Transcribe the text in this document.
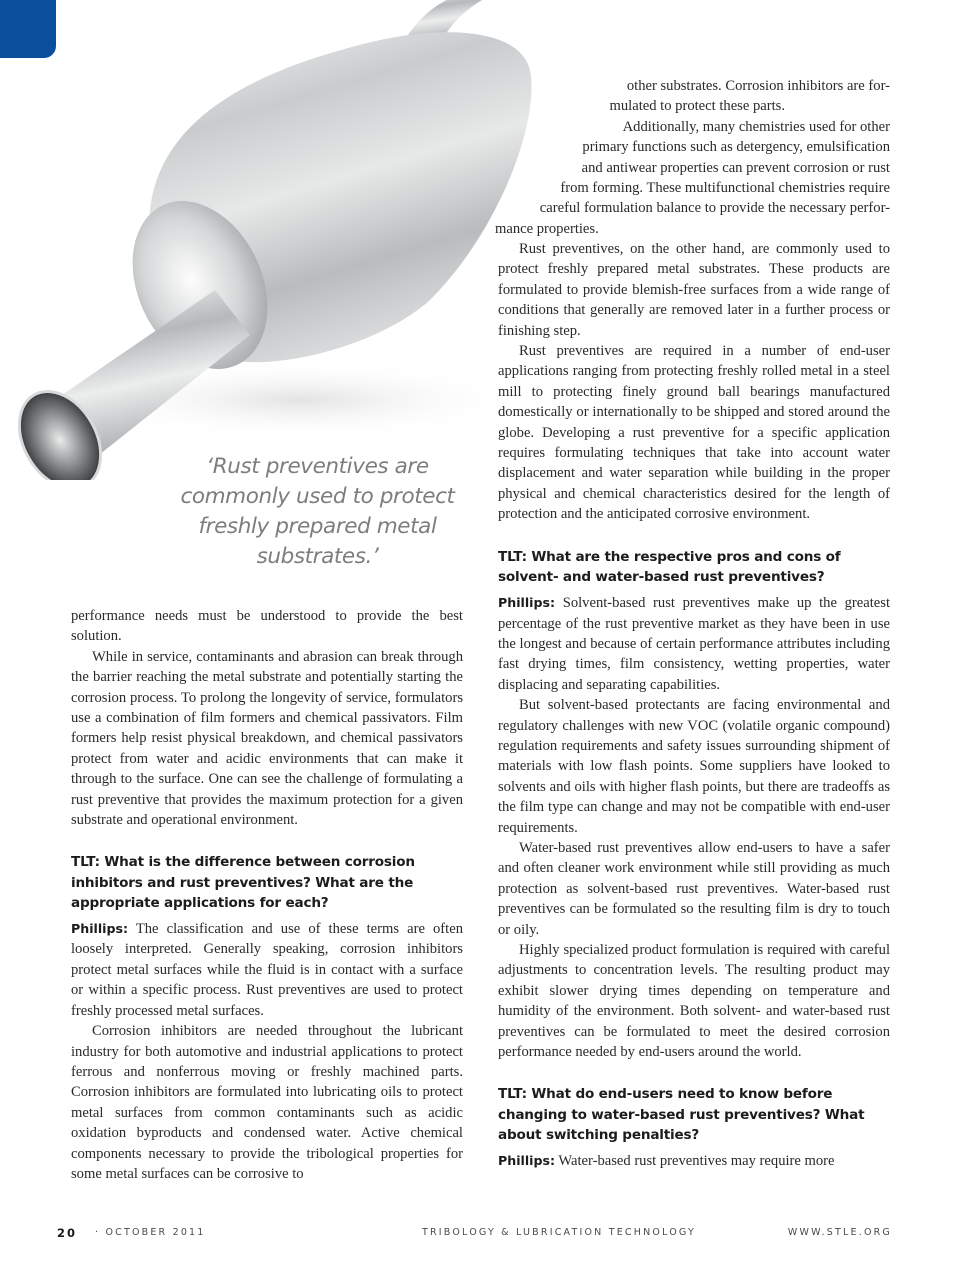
‘Rust preventives are commonly used to protect freshly prepared metal substrates.’
other substrates. Corrosion inhibitors are for-
mulated to protect these parts.
Additionally, many chemistries used for other
primary functions such as detergency, emulsification
and antiwear properties can prevent corrosion or rust
from forming. These multifunctional chemistries require
careful formulation balance to provide the necessary perfor-
mance properties.

Rust preventives, on the other hand, are commonly used to protect freshly prepared metal substrates. These products are formulated to provide blemish-free surfaces from a wide range of conditions that generally are removed later in a further process or finishing step.

Rust preventives are required in a number of end-user applications ranging from protecting freshly rolled metal in a steel mill to protecting finely ground ball bearings manufactured domestically or internationally to be shipped and stored around the globe. Developing a rust preventive for a specific application requires formulating techniques that take into account water displacement and water separation while building in the proper physical and chemical characteristics desired for the length of protection and the anticipated corrosive environment.

TLT: What are the respective pros and cons of solvent- and water-based rust preventives?

Phillips: Solvent-based rust preventives make up the greatest percentage of the rust preventive market as they have been in use the longest and because of certain performance attributes including fast drying times, film consistency, wetting properties, water displacing and separating capabilities.

But solvent-based protectants are facing environmental and regulatory challenges with new VOC (volatile organic compound) regulation requirements and safety issues surrounding shipment of materials with low flash points. Some suppliers have looked to solvents and oils with higher flash points, but there are tradeoffs as the film type can change and may not be compatible with end-user requirements.

Water-based rust preventives allow end-users to have a safer and often cleaner work environment while still providing as much protection as solvent-based rust preventives. Water-based rust preventives can be formulated so the resulting film is dry to touch or oily.

Highly specialized product formulation is required with careful adjustments to concentration levels. The resulting product may exhibit slower drying times depending on temperature and humidity of the environment. Both solvent- and water-based rust preventives can be formulated to meet the desired corrosion performance needed by end-users around the world.

TLT: What do end-users need to know before changing to water-based rust preventives? What about switching penalties?

Phillips: Water-based rust preventives may require more

performance needs must be understood to provide the best solution.

While in service, contaminants and abrasion can break through the barrier reaching the metal substrate and potentially starting the corrosion process. To prolong the longevity of service, formulators use a combination of film formers and chemical passivators. Film formers help resist physical breakdown, and chemical passivators protect from water and acidic environments that can make it through to the surface. One can see the challenge of formulating a rust preventive that provides the maximum protection for a given substrate and operational environment.

TLT: What is the difference between corrosion inhibitors and rust preventives? What are the appropriate applications for each?

Phillips: The classification and use of these terms are often loosely interpreted. Generally speaking, corrosion inhibitors protect metal surfaces while the fluid is in contact with a surface or within a specific process. Rust preventives are used to protect freshly processed metal surfaces.

Corrosion inhibitors are needed throughout the lubricant industry for both automotive and industrial applications to protect ferrous and nonferrous moving or freshly machined parts. Corrosion inhibitors are formulated into lubricating oils to protect metal surfaces from common contaminants such as acidic oxidation byproducts and condensed water. Active chemical components necessary to provide the tribological properties for some metal surfaces can be corrosive to

20 · OCTOBER 2011	TRIBOLOGY & LUBRICATION TECHNOLOGY	WWW.STLE.ORG
